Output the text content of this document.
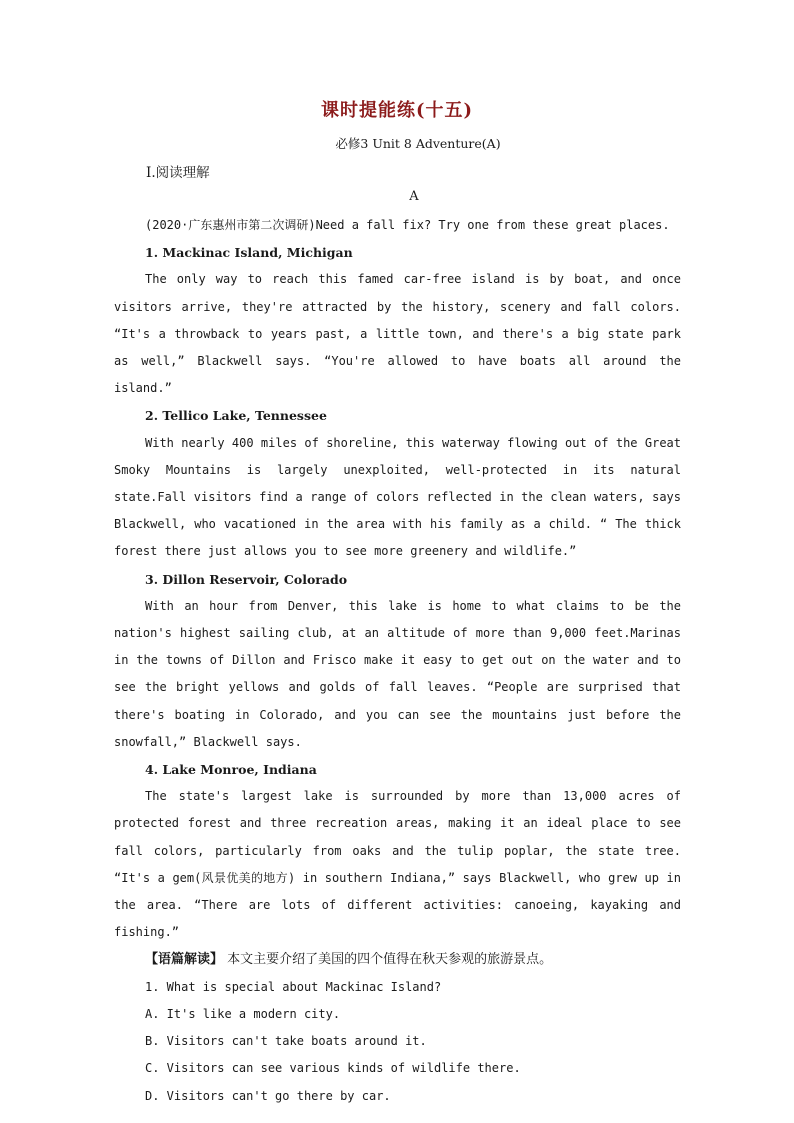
课时提能练(十五)
必修3 Unit 8 Adventure(A)
Ⅰ.阅读理解
A

(2020·广东惠州市第二次调研)Need a fall fix? Try one from these great places.

1. Mackinac Island, Michigan

The only way to reach this famed car-free island is by boat, and once visitors arrive, they're attracted by the history, scenery and fall colors. “It's a throwback to years past, a little town, and there's a big state park as well,” Blackwell says. “You're allowed to have boats all around the island.”

2. Tellico Lake, Tennessee

With nearly 400 miles of shoreline, this waterway flowing out of the Great Smoky Mountains is largely unexploited, well-protected in its natural state.Fall visitors find a range of colors reflected in the clean waters, says Blackwell, who vacationed in the area with his family as a child. “ The thick forest there just allows you to see more greenery and wildlife.”

3. Dillon Reservoir, Colorado

With an hour from Denver, this lake is home to what claims to be the nation's highest sailing club, at an altitude of more than 9,000 feet.Marinas in the towns of Dillon and Frisco make it easy to get out on the water and to see the bright yellows and golds of fall leaves. “People are surprised that there's boating in Colorado, and you can see the mountains just before the snowfall,” Blackwell says.

4. Lake Monroe, Indiana

The state's largest lake is surrounded by more than 13,000 acres of protected forest and three recreation areas, making it an ideal place to see fall colors, particularly from oaks and the tulip poplar, the state tree. “It's a gem(风景优美的地方) in southern Indiana,” says Blackwell, who grew up in the area. “There are lots of different activities: canoeing, kayaking and fishing.”

【语篇解读】 本文主要介绍了美国的四个值得在秋天参观的旅游景点。

1. What is special about Mackinac Island?

A. It's like a modern city.

B. Visitors can't take boats around it.

C. Visitors can see various kinds of wildlife there.

D. Visitors can't go there by car.
